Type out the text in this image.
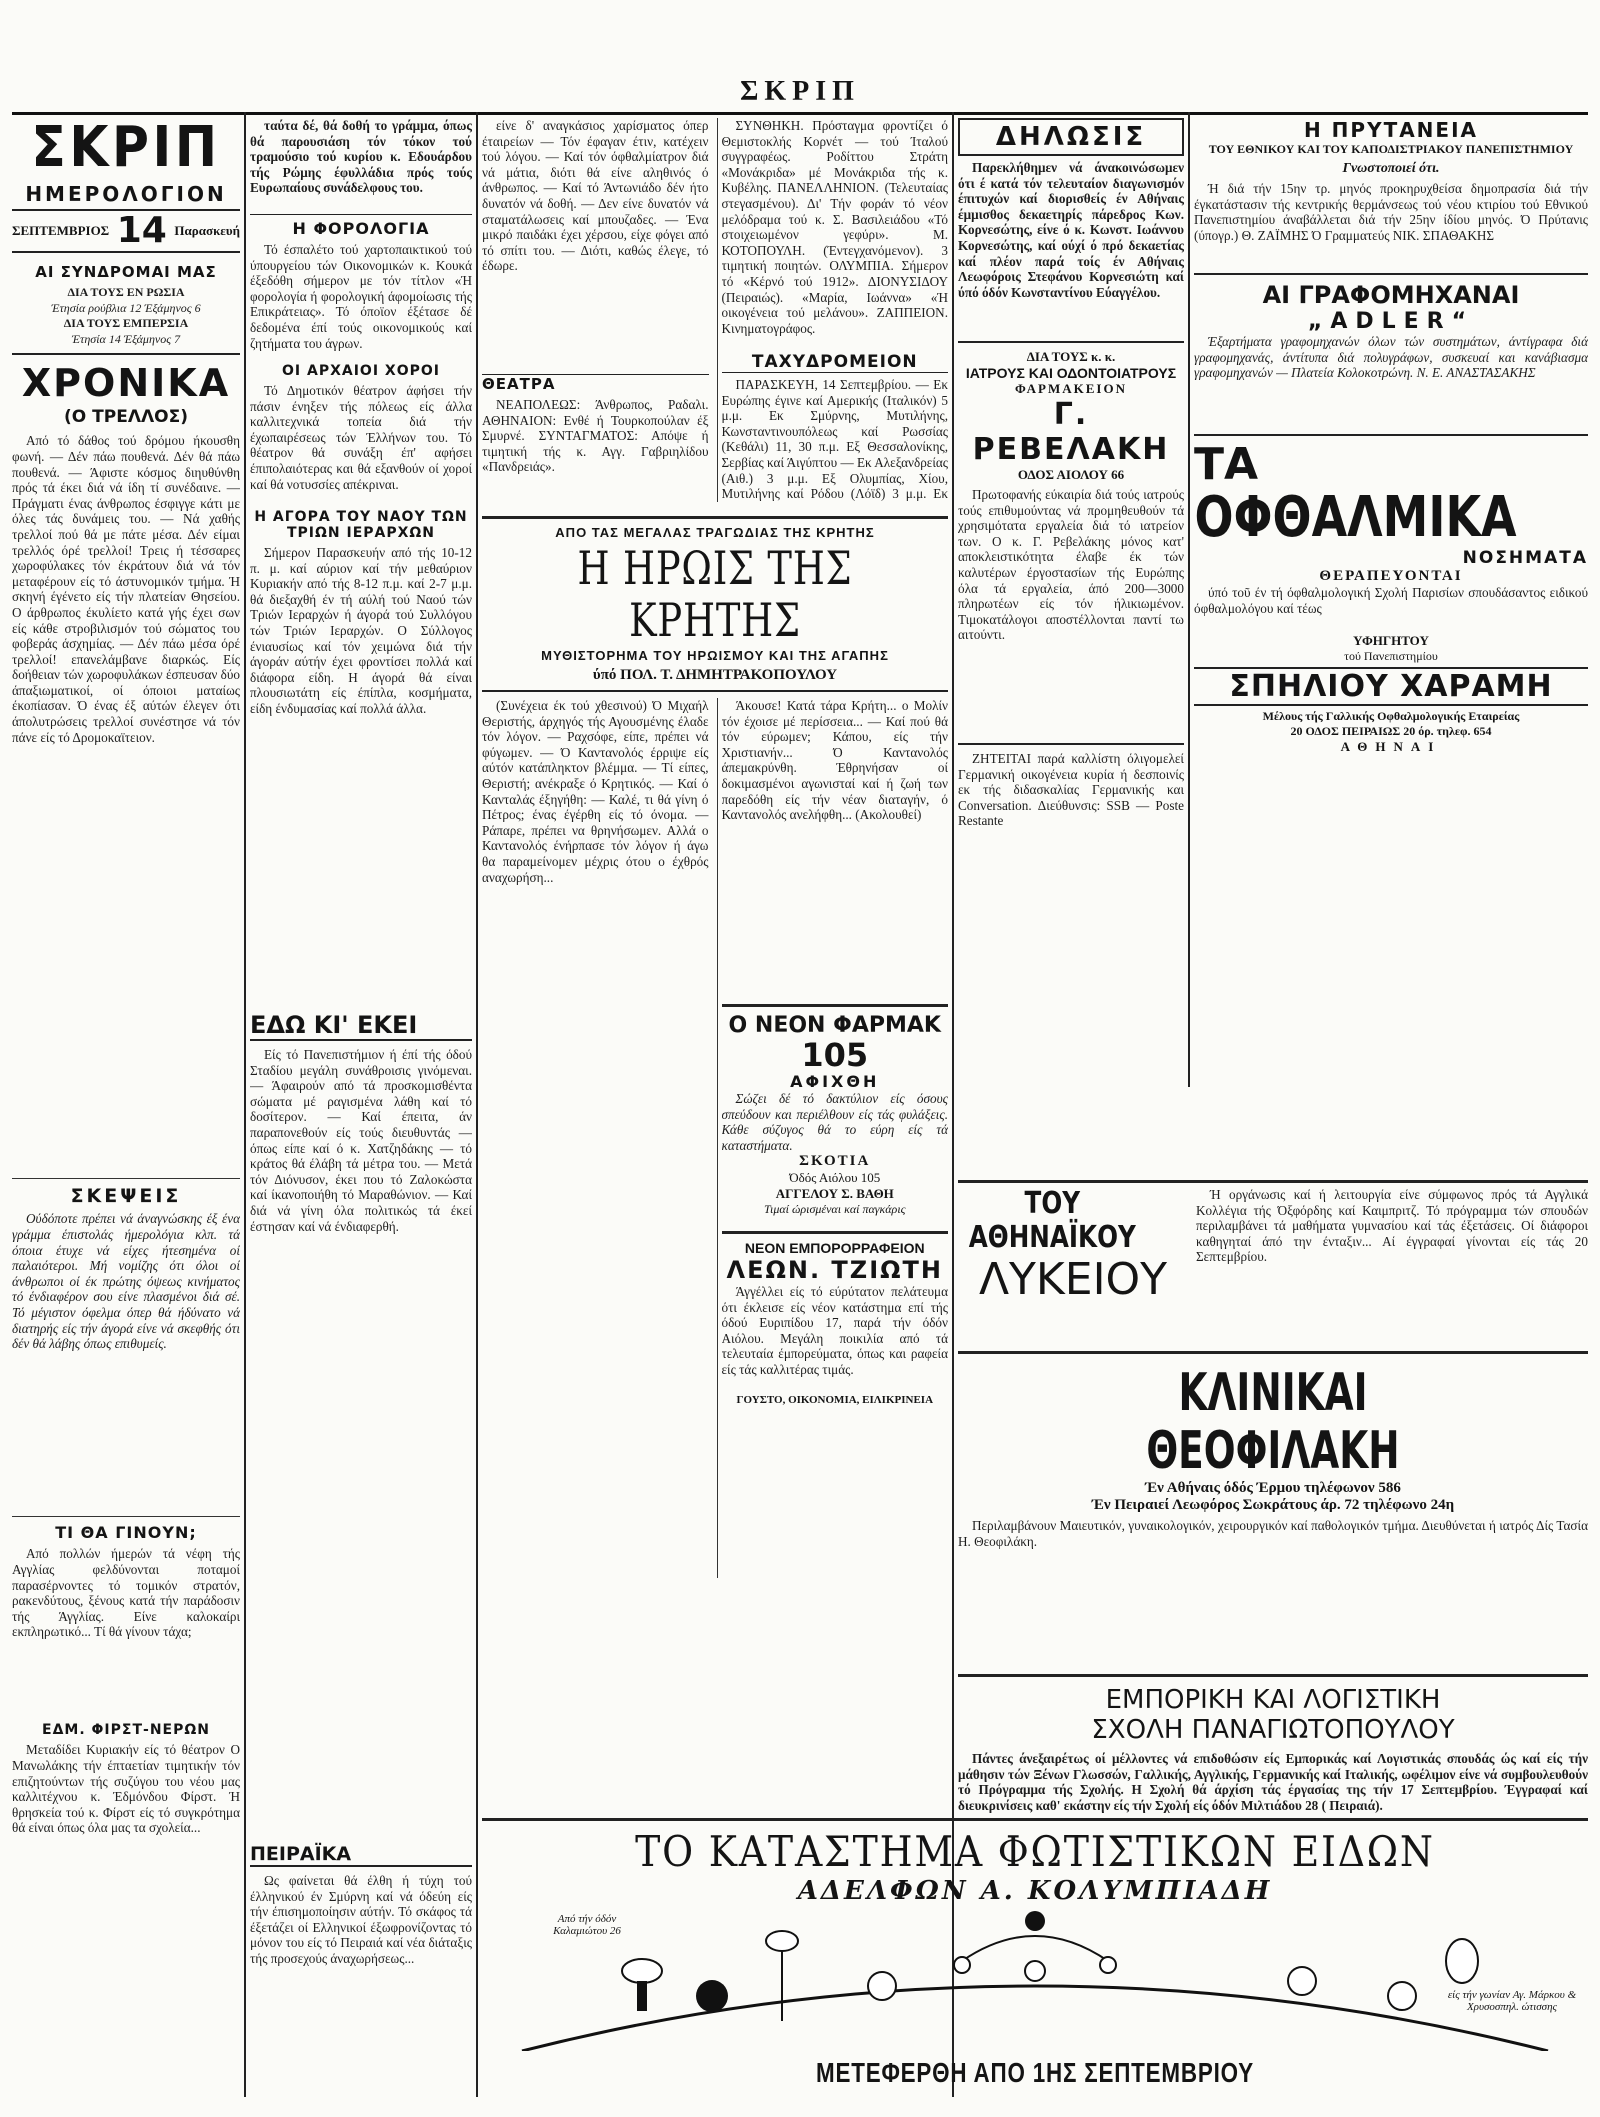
ΣΚΡΙΠ
ΣΚΡΙΠ
ΗΜΕΡΟΛΟΓΙΟΝ
ΣΕΠΤΕΜΒΡΙΟΣ 14 Παρασκευή
ΑΙ ΣΥΝΔΡΟΜΑΙ ΜΑΣ
ΔΙΑ ΤΟΥΣ ΕΝ ΡΩΣΙΑ
Έτησία ρούβλια 12 Έξάμηνος 6
ΔΙΑ ΤΟΥΣ ΕΜΠΕΡΣΙΑ
Έτησία 14 Έξάμηνος 7
ΧΡΟΝΙΚΑ
(Ο ΤΡΕΛΛΟΣ)

Από τό δάθος τού δρόμου ήκουσθη φωνή. — Δέν πάω πουθενά. Δέν θά πάω πουθενά. — Άφιστε κόσμος διηυθύνθη πρός τά έκει διά νά ίδη τί συνέδαινε. — Πράγματι ένας άνθρωπος έσφιγγε κάτι με όλες τάς δυνάμεις του. — Νά χαθής τρελλοί πού θά με πάτε μέσα. Δέν είμαι τρελλός όρέ τρελλοί! Τρεις ή τέσσαρες χωροφύλακες τόν έκράτουν διά νά τόν μεταφέρουν είς τό άστυνομικόν τμήμα. Ή σκηνή έγένετο είς τήν πλατείαν Θησείου. Ο άρθρωπος έκυλίετο κατά γής έχει σων είς κάθε στροβιλισμόν τού σώματος του φοβεράς άσχημίας. — Δέν πάω μέσα όρέ τρελλοί! επανελάμβανε διαρκώς. Είς δοήθειαν τών χωροφυλάκων έσπευσαν δύο άπαξιωματικοί, οί όποιοι ματαίως έκοπίασαν. Ό ένας έξ αύτών έλεγεν ότι άπολυτρώσεις τρελλοί συνέστησε νά τόν πάνε είς τό Δρομοκαϊτειον.

ΣΚΕΨΕΙΣ

Ούδόποτε πρέπει νά άναγνώσκης έξ ένα γράμμα έπιστολάς ήμερολόγια κλπ. τά όποια έτυχε νά είχες ήτεσημένα οί παλαιότεροι. Μή νομίζης ότι όλοι οί άνθρωποι οί έκ πρώτης όψεως κινήματος τό ένδιαφέρον σου είνε πλασμένοι διά σέ. Τό μέγιστον όφελμα όπερ θά ήδύνατο νά διατηρής είς τήν άγορά είνε νά σκεφθής ότι δέν θά λάβης όπως επιθυμείς.

ΤΙ ΘΑ ΓΙΝΟΥΝ;

Από πολλών ήμερών τά νέφη τής Αγγλίας φελδύνονται ποταμοί παρασέρνοντες τό τομικόν στρατόν, ρακενδύτους, ξένους κατά τήν παράδοσιν τής Άγγλίας. Είνε καλοκαίρι εκπληρωτικό... Τί θά γίνουν τάχα;

ΕΔΜ. ΦΙΡΣΤ-ΝΕΡΩΝ

Μεταδίδει Κυριακήν είς τό θέατρον Ο Μανωλάκης τήν έπταετίαν τιμητικήν τόν επιζητούντων τής συζύγου του νέου μας καλλιτέχνου κ. Έδμόνδου Φίρστ. Ή θρησκεία τού κ. Φίρστ είς τό συγκρότημα θά είναι όπως όλα μας τα σχολεία...

ταύτα δέ, θά δοθή το γράμμα, όπως θά παρουσιάση τόν τόκον τού τραμούσιο τού κυρίου κ. Εδουάρδου τής Ρώμης έφυλλάδια πρός τούς Ευρωπαίους συνάδελφους του.

Η ΦΟΡΟΛΟΓΙΑ

Τό έσπαλέτο τού χαρτοπαικτικού τού ύπουργείου τών Οικονομικών κ. Κουκά έξεδόθη σήμερον με τόν τίτλον «Ή φορολογία ή φορολογική άφομοίωσις τής Επικράτειας». Τό όποϊον έξέτασε δέ δεδομένα έπί τούς οικονομικούς καί ζητήματα του άγρων.

ΟΙ ΑΡΧΑΙΟΙ ΧΟΡΟΙ

Τό Δημοτικόν θέατρον άφήσει τήν πάσιν ένηξεν τής πόλεως είς άλλα καλλιτεχνικά τοπεία διά τήν έχωπαιρέσεως τών Έλλήνων του. Τό θέατρον θά συνάξη έπ' αφήσει έπιπολαιότερας και θά εξανθούν οί χοροί καί θά νοτυσσίες απέκριναι.

Η ΑΓΟΡΑ ΤΟΥ ΝΑΟΥ ΤΩΝ ΤΡΙΩΝ ΙΕΡΑΡΧΩΝ

Σήμερον Παρασκευήν από τής 10-12 π. μ. καί αύριον καί τήν μεθαύριον Κυριακήν από τής 8-12 π.μ. καί 2-7 μ.μ. θά διεξαχθή έν τή αύλή τού Ναού τών Τριών Ιεραρχών ή άγορά τού Συλλόγου τών Τριών Ιεραρχών. Ο Σύλλογος ένιαυσίως καί τόν χειμώνα διά τήν άγοράν αύτήν έχει φροντίσει πολλά καί διάφορα είδη. Η άγορά θά είναι πλουσιωτάτη είς έπίπλα, κοσμήματα, είδη ένδυμασίας καί πολλά άλλα.

ΕΔΩ ΚΙ' ΕΚΕΙ

Είς τό Πανεπιστήμιον ή έπί τής όδού Σταδίου μεγάλη συνάθροισις γινόμεναι. — Άφαιρούν από τά προσκομισθέντα σώματα μέ ραγισμένα λάθη καί τό δοσίτερον. — Καί έπειτα, άν παραπονεθούν είς τούς διευθυντάς — όπως είπε καί ό κ. Χατζηδάκης — τό κράτος θά έλάβη τά μέτρα του. — Μετά τόν Διόνυσον, έκει που τό Ζαλοκώστα καί ίκανοποιήθη τό Μαραθώνιον. — Καί διά νά γίνη όλα πολιτικώς τά έκεί έστησαν καί νά ένδιαφερθή.

ΠΕΙΡΑΪΚΑ

Ως φαίνεται θά έλθη ή τύχη τού έλληνικού έν Σμύρνη καί νά όδεύη είς τήν έπισημοποίησιν αύτήν. Τό σκάφος τά έξετάζει οί Ελληνικοί έξωφρονίζοντας τό μόνον του είς τό Πειραιά καί νέα διάταξις τής προσεχούς άναχωρήσεως...

είνε δ' αναγκάσιος χαρίσματος όπερ έταιρείων — Τόν έφαγαν έτιν, κατέχειν τού λόγου. — Καί τόν όφθαλμίατρον διά νά μάτια, διότι θά είνε αληθινός ό άνθρωπος. — Καί τό Άντωνιάδο δέν ήτο δυνατόν νά δοθή. — Δεν είνε δυνατόν νά σταματάλωσεις καί μπουζαδες. — Ένα μικρό παιδάκι έχει χέρσου, είχε φόγει από τό σπίτι του. — Διότι, καθώς έλεγε, τό έδωρε.

ΘΕΑΤΡΑ

ΝΕΑΠΟΛΕΩΣ: Άνθρωπος, Ραδαλι. ΑΘΗΝΑΙΟΝ: Ενθέ ή Τουρκοπούλαν έξ Σμυρνέ. ΣΥΝΤΑΓΜΑΤΟΣ: Απόψε ή τιμητική τής κ. Αγγ. Γαβριηλίδου «Πανδρειάς».

ΣΥΝΘΗΚΗ. Πρόσταγμα φροντίζει ό Θεμιστοκλής Κορνέτ — τού Ίταλού συγγραφέως. Ροδίττου Στράτη «Μονάκριδα» μέ Μονάκριδα τής κ. Κυβέλης. ΠΑΝΕΛΛΗΝΙΟΝ. (Τελευταίας στεγασμένου). Δι' Τήν φοράν τό νέον μελόδραμα τού κ. Σ. Βασιλειάδου «Τό στοιχειωμένον γεφύρι». Μ. ΚΟΤΟΠΟΥΛΗ. (Έντεγχανόμενον). 3 τιμητική ποιητών. ΟΛΥΜΠΙΑ. Σήμερον τό «Κέρνό τού 1912». ΔΙΟΝΥΣΙΔΟΥ (Πειραιώς). «Μαρία, Ιωάννα» «Ή οικογένεια τού μελάνου». ΖΑΠΠΕΙΟΝ. Κινηματογράφος.

ΤΑΧΥΔΡΟΜΕΙΟΝ

ΠΑΡΑΣΚΕΥΗ, 14 Σεπτεμβρίου. — Εκ Ευρώπης έγινε καί Αμερικής (Ιταλικόν) 5 μ.μ. Εκ Σμύρνης, Μυτιλήνης, Κωνσταντινουπόλεως καί Ρωσσίας (Κεθάλι) 11, 30 π.μ. Εξ Θεσσαλονίκης, Σερβίας καί Άιγύπτου — Εκ Αλεξανδρείας (Αιθ.) 3 μ.μ. Εξ Ολυμπίας, Χίου, Μυτιλήνης καί Ρόδου (Λόϊδ) 3 μ.μ. Εκ

ΑΠΟ ΤΑΣ ΜΕΓΑΛΑΣ ΤΡΑΓΩΔΙΑΣ ΤΗΣ ΚΡΗΤΗΣ
Η ΗΡΩΙΣ ΤΗΣ ΚΡΗΤΗΣ
ΜΥΘΙΣΤΟΡΗΜΑ ΤΟΥ ΗΡΩΙΣΜΟΥ ΚΑΙ ΤΗΣ ΑΓΑΠΗΣ
ύπό ΠΟΛ. Τ. ΔΗΜΗΤΡΑΚΟΠΟΥΛΟΥ

(Συνέχεια έκ τού χθεσινού) Ό Μιχαήλ Θεριστής, άρχηγός τής Αγουσμένης έλαδε τόν λόγον. — Ραχσόφε, είπε, πρέπει νά φύγωμεν. — Ό Καντανολός έρριψε είς αύτόν κατάπληκτον βλέμμα. — Τί είπες, Θεριστή; ανέκραξε ό Κρητικός. — Καί ό Κανταλάς έξηγήθη: — Καλέ, τι θά γίνη ό Πέτρος; ένας έγέρθη είς τό όνομα. — Ράπαρε, πρέπει να θρηνήσωμεν. Αλλά ο Καντανολός ένήρπασε τόν λόγον ή άγω θα παραμείνομεν μέχρις ότου ο έχθρός αναχωρήση...

Άκουσε! Κατά τάρα Κρήτη... ο Μολίν τόν έχοισε μέ περίσσεια... — Καί πού θά τόν εύρωμεν; Κάπου, είς τήν Χριστιανήν... Ό Καντανολός άπεμακρύνθη. Έθρηνήσαν οί δοκιμασμένοι αγωνισταί καί ή ζωή των παρεδόθη είς τήν νέαν διαταγήν, ό Καντανολός ανελήφθη... (Ακολουθεί)

Ο ΝΕΟΝ ΦΑΡΜΑΚ
105
ΑΦΙΧΘΗ

Σώζει δέ τό δακτύλιον είς όσους σπεύδουν και περιέλθουν είς τάς φυλάξεις. Κάθε σύζυγος θά το εύρη είς τά καταστήματα.

ΣΚΟΤΙΑ
Όδός Αιόλου 105
ΑΓΓΕΛΟΥ Σ. ΒΑΘΗ
Τιμαί ώρισμέναι καί παγκάρις
ΝΕΟΝ ΕΜΠΟΡΟΡΡΑΦΕΙΟΝ
ΛΕΩΝ. ΤΖΙΩΤΗ

Άγγέλλει είς τό εύρύτατον πελάτευμα ότι έκλεισε είς νέον κατάστημα επί τής όδού Ευριπίδου 17, παρά τήν όδόν Αιόλου. Μεγάλη ποικιλία από τά τελευταία έμπορεύματα, όπως και ραφεία είς τάς καλλιτέρας τιμάς.

ΓΟΥΣΤΟ, ΟΙΚΟΝΟΜΙΑ, ΕΙΛΙΚΡΙΝΕΙΑ
ΔΗΛΩΣΙΣ

Παρεκλήθημεν νά άνακοινώσωμεν ότι έ κατά τόν τελευταίον διαγωνισμόν έπιτυχών καί διορισθείς έν Αθήναις έμμισθος δεκαετηρίς πάρεδρος Κων. Κορνεσώτης, είνε ό κ. Κωνστ. Ιωάννου Κορνεσώτης, καί ούχί ό πρό δεκαετίας καί πλέον παρά τοίς έν Αθήναις Λεωφόροις Στεφάνου Κορνεσιώτη καί ύπό όδόν Κωνσταντίνου Εύαγγέλου.

ΔΙΑ ΤΟΥΣ κ. κ.
ΙΑΤΡΟΥΣ ΚΑΙ ΟΔΟΝΤΟΙΑΤΡΟΥΣ
ΦΑΡΜΑΚΕΙΟΝ
Γ. ΡΕΒΕΛΑΚΗ
ΟΔΟΣ ΑΙΟΛΟΥ 66

Πρωτοφανής εύκαιρία διά τούς ιατρούς τούς επιθυμούντας νά προμηθευθούν τά χρησιμότατα εργαλεία διά τό ιατρείον των. Ο κ. Γ. Ρεβελάκης μόνος κατ' αποκλειστικότητα έλαβε έκ τών καλυτέρων έργοστασίων τής Ευρώπης όλα τά εργαλεία, άπό 200—3000 πληρωτέων είς τόν ήλικιωμένον. Τιμοκατάλογοι αποστέλλονται παντί τω αιτούντι.

ΖΗΤΕΙΤΑΙ παρά καλλίστη όλιγομελεί Γερμανική οικογένεια κυρία ή δεσποινίς εκ τής διδασκαλίας Γερμανικής και Conversation. Διεύθυνσις: SSB — Poste Restante

Η ΠΡΥΤΑΝΕΙΑ
ΤΟΥ ΕΘΝΙΚΟΥ ΚΑΙ ΤΟΥ ΚΑΠΟΔΙΣΤΡΙΑΚΟΥ ΠΑΝΕΠΙΣΤΗΜΙΟΥ
Γνωστοποιεί ότι.

Ή διά τήν 15ην τρ. μηνός προκηρυχθείσα δημοπρασία διά τήν έγκατάστασιν τής κεντρικής θερμάνσεως τού νέου κτιρίου τού Εθνικού Πανεπιστημίου άναβάλλεται διά τήν 25ην ίδίου μηνός. Ό Πρύτανις (ύπογρ.) Θ. ΖΑΪΜΗΣ Ό Γραμματεύς ΝΙΚ. ΣΠΑΘΑΚΗΣ

ΑΙ ΓΡΑΦΟΜΗΧΑΝΑΙ
„ADLER“

Έξαρτήματα γραφομηχανών όλων τών συστημάτων, άντίγραφα διά γραφομηχανάς, άντίτυπα διά πολυγράφων, συσκευαί και κανάβιασμα γραφομηχανών — Πλατεία Κολοκοτρώνη. Ν. Ε. ΑΝΑΣΤΑΣΑΚΗΣ

ΤΑ
ΟΦΘΑΛΜΙΚΑ
ΝΟΣΗΜΑΤΑ
ΘΕΡΑΠΕΥΟΝΤΑΙ

ύπό τοῦ έν τή όφθαλμολογική Σχολή Παρισίων σπουδάσαντος ειδικού όφθαλμολόγου καί τέως

ΥΦΗΓΗΤΟΥ
τού Πανεπιστημίου
ΣΠΗΛΙΟΥ ΧΑΡΑΜΗ
Μέλους τής Γαλλικής Οφθαλμολογικής Εταιρείας
20 ΟΔΟΣ ΠΕΙΡΑΙΩΣ 20 όρ. τηλεφ. 654
ΑΘΗΝΑΙ
ΤΟΥ ΑΘΗΝΑΪΚΟΥ
ΛΥΚΕΙΟΥ

Ή οργάνωσις καί ή λειτουργία είνε σύμφωνος πρός τά Αγγλικά Κολλέγια τής Όξφόρδης καί Καιμπριτζ. Τό πρόγραμμα τών σπουδών περιλαμβάνει τά μαθήματα γυμνασίου καί τάς έξετάσεις. Οί διάφοροι καθηγηταί άπό την ένταξιν... Αί έγγραφαί γίνονται είς τάς 20 Σεπτεμβρίου.

ΚΛΙΝΙΚΑΙ ΘΕΟΦΙΛΑΚΗ
Έν Αθήναις όδός Έρμου τηλέφωνον 586
Έν Πειραιεί Λεωφόρος Σωκράτους άρ. 72 τηλέφωνο 24η

Περιλαμβάνουν Μαιευτικόν, γυναικολογικόν, χειρουργικόν καί παθολογικόν τμήμα. Διευθύνεται ή ιατρός Δίς Τασία Η. Θεοφιλάκη.

ΕΜΠΟΡΙΚΗ ΚΑΙ ΛΟΓΙΣΤΙΚΗ
ΣΧΟΛΗ ΠΑΝΑΓΙΩΤΟΠΟΥΛΟΥ

Πάντες άνεξαιρέτως οί μέλλοντες νά επιδοθώσιν είς Εμπορικάς καί Λογιστικάς σπουδάς ώς καί είς τήν μάθησιν τών Ξένων Γλωσσών, Γαλλικής, Αγγλικής, Γερμανικής καί Ιταλικής, ωφέλιμον είνε νά συμβουλευθούν τό Πρόγραμμα τής Σχολής. Η Σχολή θά άρχίση τάς έργασίας της τήν 17 Σεπτεμβρίου. Έγγραφαί καί διευκρινίσεις καθ' εκάστην είς τήν Σχολή είς όδόν Μιλτιάδου 28 ( Πειραιά).

ΤΟ ΚΑΤΑΣΤΗΜΑ ΦΩΤΙΣΤΙΚΩΝ ΕΙΔΩΝ
ΑΔΕΛΦΩΝ Α. ΚΟΛΥΜΠΙΑΔΗ
Από τήν όδόν Καλαμιώτου 26
είς τήν γωνίαν Αγ. Μάρκου & Χρυσοσπηλ. ώτισσης
ΜΕΤΕΦΕΡΘΗ ΑΠΟ 1ΗΣ ΣΕΠΤΕΜΒΡΙΟΥ
